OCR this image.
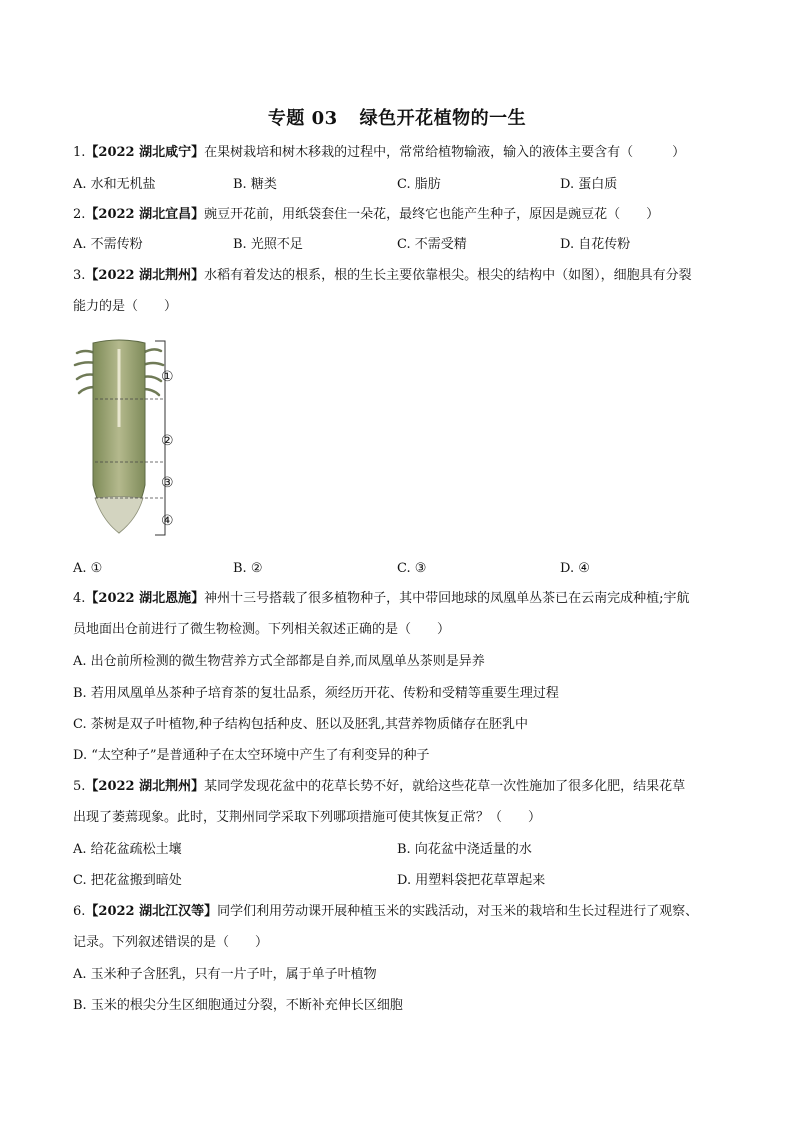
专题 03 绿色开花植物的一生
1.【2022 湖北咸宁】在果树栽培和树木移栽的过程中，常常给植物输液，输入的液体主要含有（　　　）
A. 水和无机盐	B. 糖类	C. 脂肪	D. 蛋白质
2.【2022 湖北宜昌】豌豆开花前，用纸袋套住一朵花，最终它也能产生种子，原因是豌豆花（　　）
A. 不需传粉	B. 光照不足	C. 不需受精	D. 自花传粉
3.【2022 湖北荆州】水稻有着发达的根系，根的生长主要依靠根尖。根尖的结构中（如图），细胞具有分裂
能力的是（　　）
①
②
③
④
A. ①	B. ②	C. ③	D. ④
4.【2022 湖北恩施】神州十三号搭载了很多植物种子，其中带回地球的凤凰单丛茶已在云南完成种植;宇航
员地面出仓前进行了微生物检测。下列相关叙述正确的是（　　）
A. 出仓前所检测的微生物营养方式全部都是自养,而凤凰单丛茶则是异养
B. 若用凤凰单丛茶种子培育茶的复壮品系，须经历开花、传粉和受精等重要生理过程
C. 茶树是双子叶植物,种子结构包括种皮、胚以及胚乳,其营养物质储存在胚乳中
D. “太空种子”是普通种子在太空环境中产生了有利变异的种子
5.【2022 湖北荆州】某同学发现花盆中的花草长势不好，就给这些花草一次性施加了很多化肥，结果花草
出现了萎蔫现象。此时，艾荆州同学采取下列哪项措施可使其恢复正常？（　　）
A. 给花盆疏松土壤	B. 向花盆中浇适量的水
C. 把花盆搬到暗处	D. 用塑料袋把花草罩起来
6.【2022 湖北江汉等】同学们利用劳动课开展种植玉米的实践活动，对玉米的栽培和生长过程进行了观察、
记录。下列叙述错误的是（　　）
A. 玉米种子含胚乳，只有一片子叶，属于单子叶植物
B. 玉米的根尖分生区细胞通过分裂，不断补充伸长区细胞
